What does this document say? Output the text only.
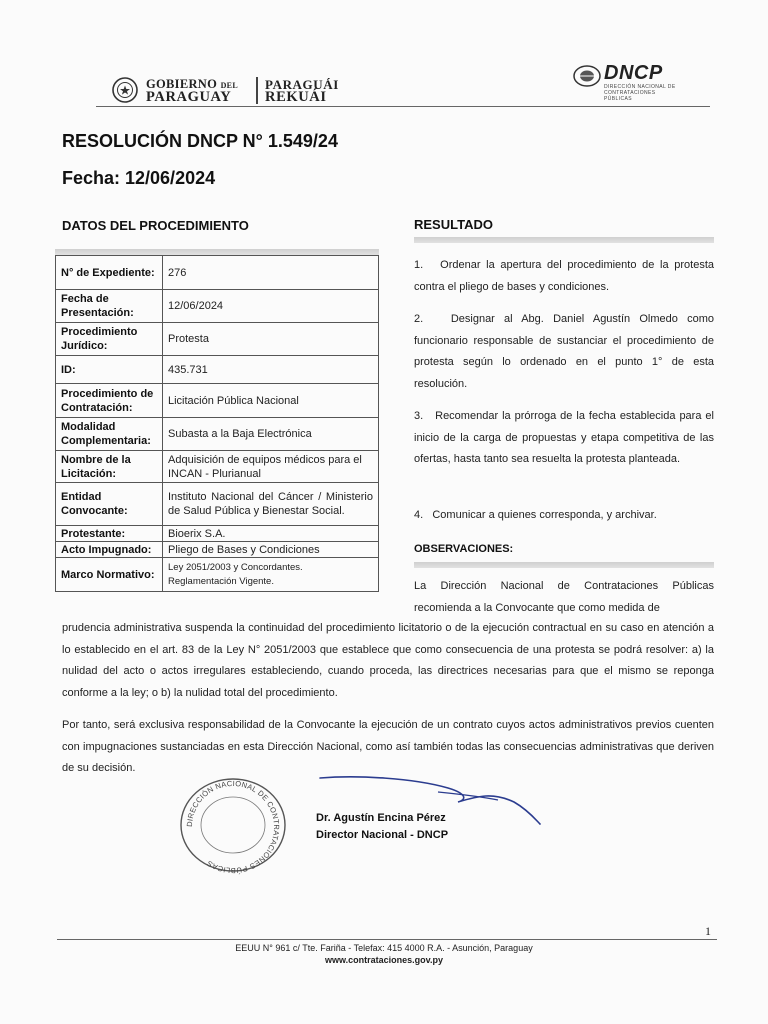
GOBIERNO DEL
PARAGUAY
PARAGUÁI
REKUÁI
DNCP
DIRECCIÓN NACIONAL DE CONTRATACIONES PÚBLICAS
RESOLUCIÓN DNCP N° 1.549/24
Fecha: 12/06/2024
DATOS DEL PROCEDIMIENTO
N° de Expediente:	276
Fecha de Presentación:	12/06/2024
Procedimiento Jurídico:	Protesta
ID:	435.731
Procedimiento de Contratación:	Licitación Pública Nacional
Modalidad Complementaria:	Subasta a la Baja Electrónica
Nombre de la Licitación:	Adquisición de equipos médicos para el INCAN - Plurianual
Entidad Convocante:	Instituto Nacional del Cáncer / Ministerio de Salud Pública y Bienestar Social.
Protestante:	Bioerix S.A.
Acto Impugnado:	Pliego de Bases y Condiciones
Marco Normativo:	Ley 2051/2003 y Concordantes. Reglamentación Vigente.
RESULTADO
1. Ordenar la apertura del procedimiento de la protesta contra el pliego de bases y condiciones.
2.	Designar al Abg. Daniel Agustín Olmedo como funcionario responsable de sustanciar el procedimiento de protesta según lo ordenado en el punto 1° de esta resolución.
3. Recomendar la prórroga de la fecha establecida para el inicio de la carga de propuestas y etapa competitiva de las ofertas, hasta tanto sea resuelta la protesta planteada.
4. Comunicar a quienes corresponda, y archivar.
OBSERVACIONES:
La Dirección Nacional de Contrataciones Públicas recomienda a la Convocante que como medida de
prudencia administrativa suspenda la continuidad del procedimiento licitatorio o de la ejecución contractual en su caso en atención a lo establecido en el art. 83 de la Ley N° 2051/2003 que establece que como consecuencia de una protesta se podrá resolver: a) la nulidad del acto o actos irregulares estableciendo, cuando proceda, las directrices necesarias para que el mismo se reponga conforme a la ley; o b) la nulidad total del procedimiento.
Por tanto, será exclusiva responsabilidad de la Convocante la ejecución de un contrato cuyos actos administrativos previos cuenten con impugnaciones sustanciadas en esta Dirección Nacional, como así también todas las consecuencias administrativas que deriven de su decisión.
DIRECCIÓN NACIONAL DE CONTRATACIONES PÚBLICAS
Dr. Agustín Encina Pérez
Director Nacional - DNCP
1
EEUU N° 961 c/ Tte. Fariña - Telefax: 415 4000 R.A. - Asunción, Paraguay
www.contrataciones.gov.py
